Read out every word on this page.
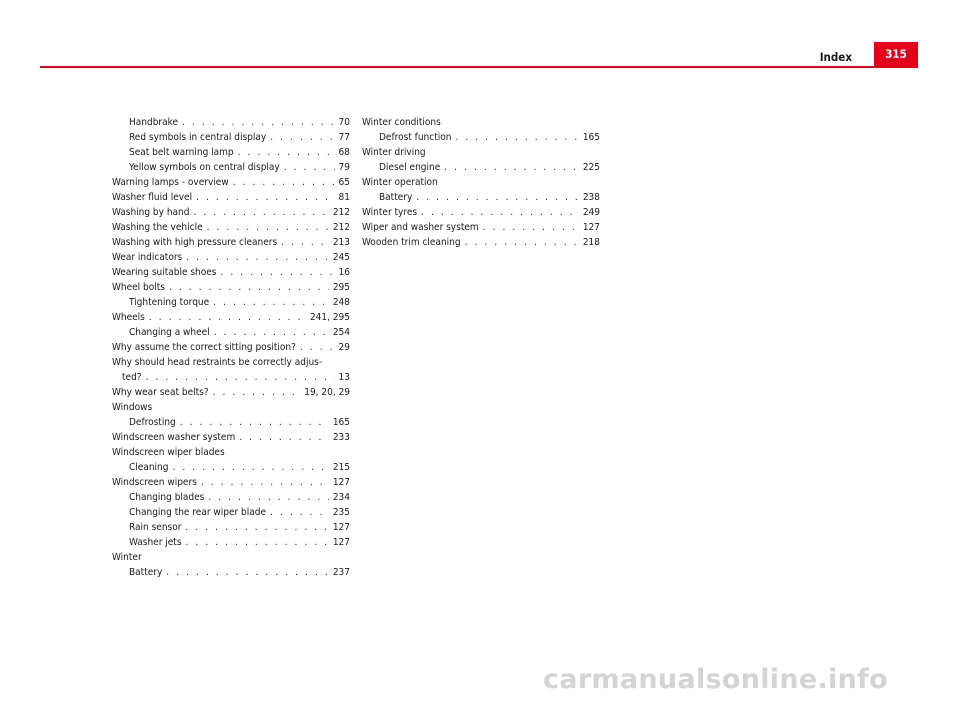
Index	315
Handbrake . . .	70
Red symbols in central display . . .	77
Seat belt warning lamp . . .	68
Yellow symbols on central display . . .	79
Warning lamps - overview . . .	65
Washer fluid level . . .	81
Washing by hand . . .	212
Washing the vehicle . . .	212
Washing with high pressure cleaners . . .	213
Wear indicators . . .	245
Wearing suitable shoes . . .	16
Wheel bolts . . .	295
Tightening torque . . .	248
Wheels . . .	241, 295
Changing a wheel . . .	254
Why assume the correct sitting position? . . .	29
Why should head restraints be correctly adjus-
ted? . . .	13
Why wear seat belts? . . .	19, 20, 29
Windows
Defrosting . . .	165
Windscreen washer system . . .	233
Windscreen wiper blades
Cleaning . . .	215
Windscreen wipers . . .	127
Changing blades . . .	234
Changing the rear wiper blade . . .	235
Rain sensor . . .	127
Washer jets . . .	127
Winter
Battery . . .	237
Winter conditions
Defrost function . . .	165
Winter driving
Diesel engine . . .	225
Winter operation
Battery . . .	238
Winter tyres . . .	249
Wiper and washer system . . .	127
Wooden trim cleaning . . .	218
carmanualsonline.info
